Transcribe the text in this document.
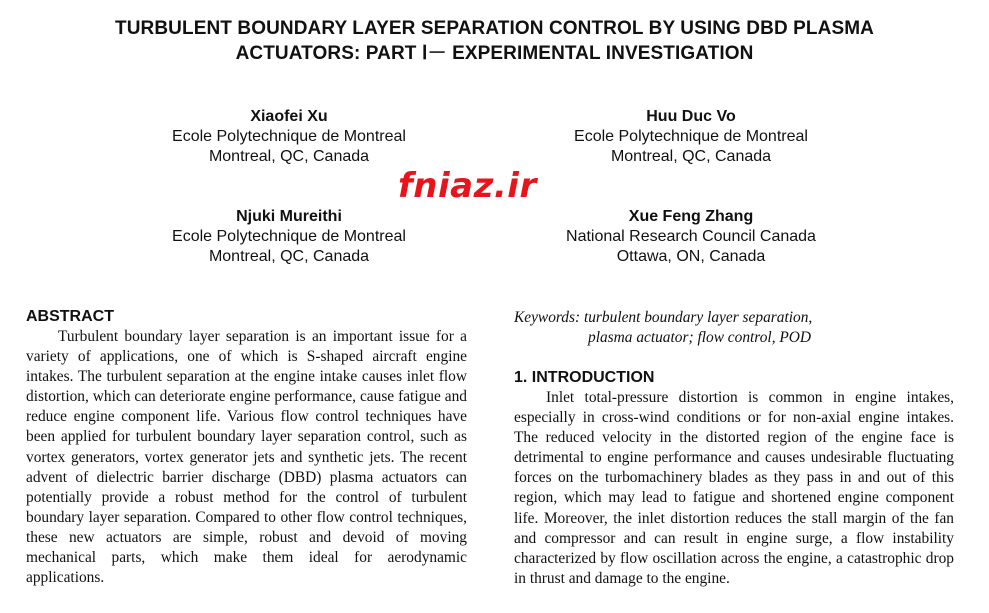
TURBULENT BOUNDARY LAYER SEPARATION CONTROL BY USING DBD PLASMA
ACTUATORS: PART Ⅰ－ EXPERIMENTAL INVESTIGATION
Xiaofei Xu
Ecole Polytechnique de Montreal
Montreal, QC, Canada
Huu Duc Vo
Ecole Polytechnique de Montreal
Montreal, QC, Canada
fniaz.ir
Njuki Mureithi
Ecole Polytechnique de Montreal
Montreal, QC, Canada
Xue Feng Zhang
National Research Council Canada
Ottawa, ON, Canada
ABSTRACT
Turbulent boundary layer separation is an important issue for a variety of applications, one of which is S-shaped aircraft engine intakes. The turbulent separation at the engine intake causes inlet flow distortion, which can deteriorate engine performance, cause fatigue and reduce engine component life. Various flow control techniques have been applied for turbulent boundary layer separation control, such as vortex generators, vortex generator jets and synthetic jets. The recent advent of dielectric barrier discharge (DBD) plasma actuators can potentially provide a robust method for the control of turbulent boundary layer separation. Compared to other flow control techniques, these new actuators are simple, robust and devoid of moving mechanical parts, which make them ideal for aerodynamic applications.
Keywords: turbulent boundary layer separation,
plasma actuator; flow control, POD
1. INTRODUCTION
Inlet total-pressure distortion is common in engine intakes, especially in cross-wind conditions or for non-axial engine intakes. The reduced velocity in the distorted region of the engine face is detrimental to engine performance and causes undesirable fluctuating forces on the turbomachinery blades as they pass in and out of this region, which may lead to fatigue and shortened engine component life. Moreover, the inlet distortion reduces the stall margin of the fan and compressor and can result in engine surge, a flow instability characterized by flow oscillation across the engine, a catastrophic drop in thrust and damage to the engine.
